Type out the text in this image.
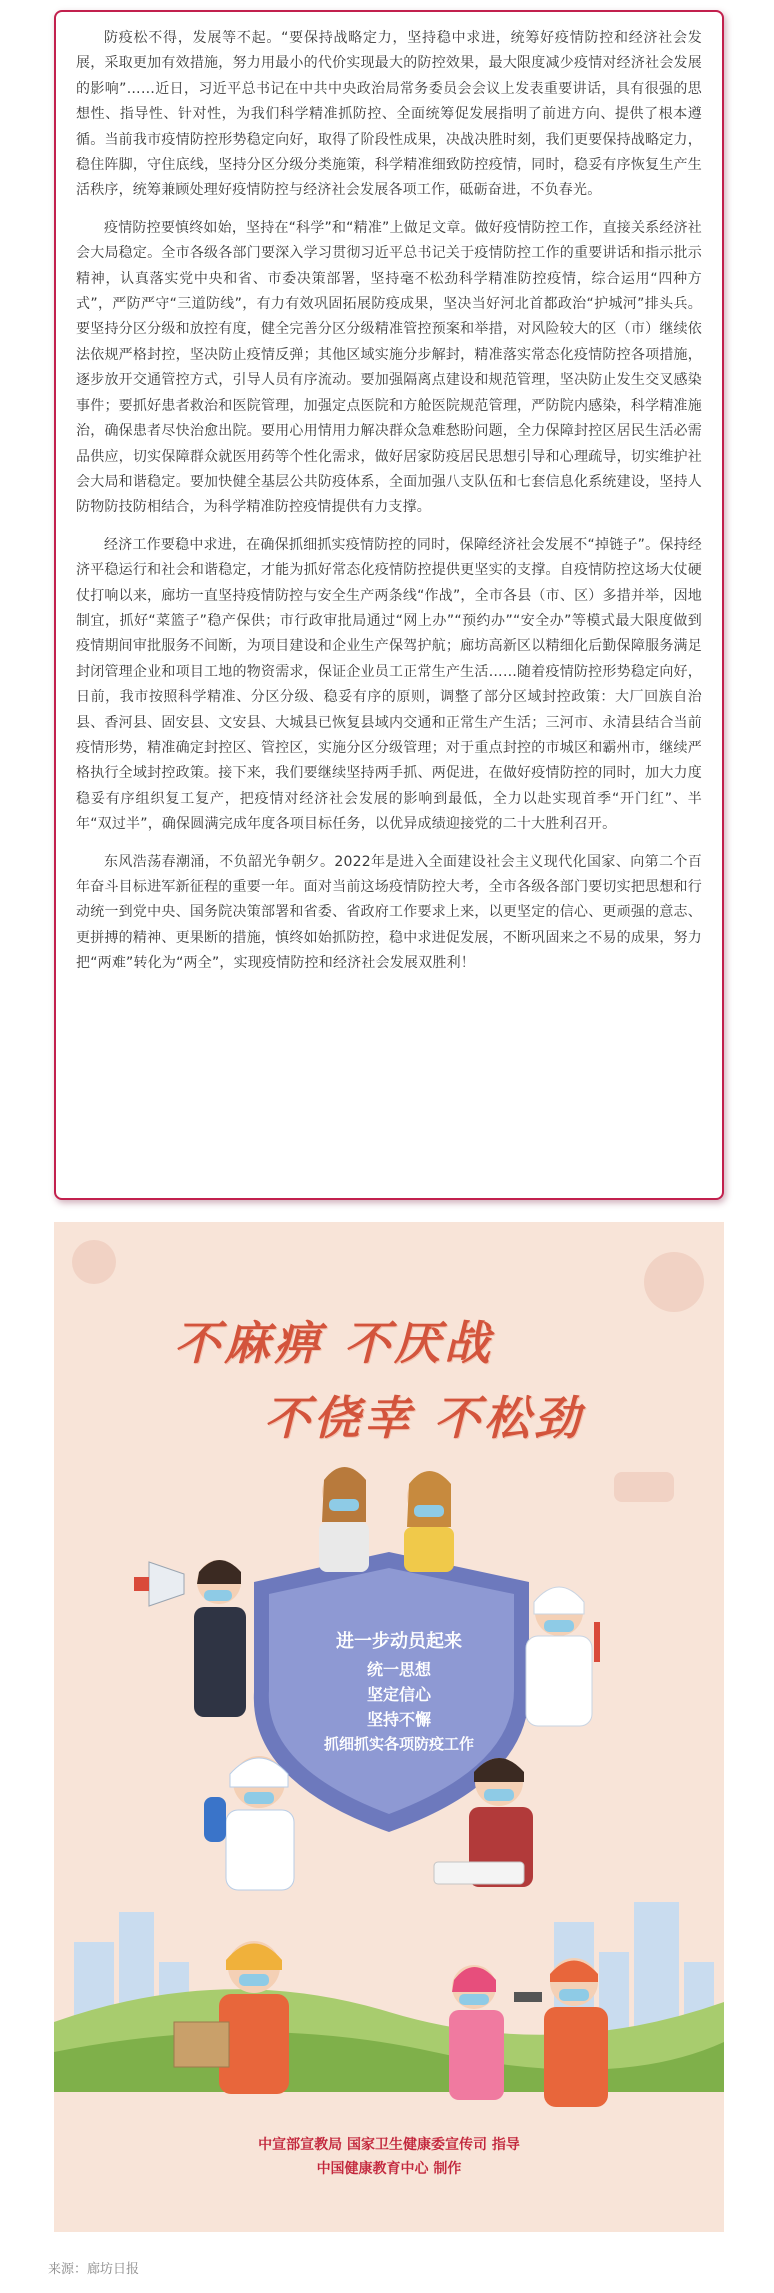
防疫松不得，发展等不起。“要保持战略定力，坚持稳中求进，统筹好疫情防控和经济社会发展，采取更加有效措施，努力用最小的代价实现最大的防控效果，最大限度减少疫情对经济社会发展的影响”……近日，习近平总书记在中共中央政治局常务委员会会议上发表重要讲话，具有很强的思想性、指导性、针对性，为我们科学精准抓防控、全面统筹促发展指明了前进方向、提供了根本遵循。当前我市疫情防控形势稳定向好，取得了阶段性成果，决战决胜时刻，我们更要保持战略定力，稳住阵脚，守住底线，坚持分区分级分类施策，科学精准细致防控疫情，同时，稳妥有序恢复生产生活秩序，统筹兼顾处理好疫情防控与经济社会发展各项工作，砥砺奋进，不负春光。

疫情防控要慎终如始，坚持在“科学”和“精准”上做足文章。做好疫情防控工作，直接关系经济社会大局稳定。全市各级各部门要深入学习贯彻习近平总书记关于疫情防控工作的重要讲话和指示批示精神，认真落实党中央和省、市委决策部署，坚持毫不松劲科学精准防控疫情，综合运用“四种方式”，严防严守“三道防线”，有力有效巩固拓展防疫成果，坚决当好河北首都政治“护城河”排头兵。要坚持分区分级和放控有度，健全完善分区分级精准管控预案和举措，对风险较大的区（市）继续依法依规严格封控，坚决防止疫情反弹；其他区域实施分步解封，精准落实常态化疫情防控各项措施，逐步放开交通管控方式，引导人员有序流动。要加强隔离点建设和规范管理，坚决防止发生交叉感染事件；要抓好患者救治和医院管理，加强定点医院和方舱医院规范管理，严防院内感染，科学精准施治，确保患者尽快治愈出院。要用心用情用力解决群众急难愁盼问题，全力保障封控区居民生活必需品供应，切实保障群众就医用药等个性化需求，做好居家防疫居民思想引导和心理疏导，切实维护社会大局和谐稳定。要加快健全基层公共防疫体系，全面加强八支队伍和七套信息化系统建设，坚持人防物防技防相结合，为科学精准防控疫情提供有力支撑。

经济工作要稳中求进，在确保抓细抓实疫情防控的同时，保障经济社会发展不“掉链子”。保持经济平稳运行和社会和谐稳定，才能为抓好常态化疫情防控提供更坚实的支撑。自疫情防控这场大仗硬仗打响以来，廊坊一直坚持疫情防控与安全生产两条线“作战”，全市各县（市、区）多措并举，因地制宜，抓好“菜篮子”稳产保供；市行政审批局通过“网上办”“预约办”“安全办”等模式最大限度做到疫情期间审批服务不间断，为项目建设和企业生产保驾护航；廊坊高新区以精细化后勤保障服务满足封闭管理企业和项目工地的物资需求，保证企业员工正常生产生活……随着疫情防控形势稳定向好，日前，我市按照科学精准、分区分级、稳妥有序的原则，调整了部分区域封控政策：大厂回族自治县、香河县、固安县、文安县、大城县已恢复县域内交通和正常生产生活；三河市、永清县结合当前疫情形势，精准确定封控区、管控区，实施分区分级管理；对于重点封控的市城区和霸州市，继续严格执行全域封控政策。接下来，我们要继续坚持两手抓、两促进，在做好疫情防控的同时，加大力度稳妥有序组织复工复产，把疫情对经济社会发展的影响到最低，全力以赴实现首季“开门红”、半年“双过半”，确保圆满完成年度各项目标任务，以优异成绩迎接党的二十大胜利召开。

东风浩荡春潮涌，不负韶光争朝夕。2022年是进入全面建设社会主义现代化国家、向第二个百年奋斗目标进军新征程的重要一年。面对当前这场疫情防控大考，全市各级各部门要切实把思想和行动统一到党中央、国务院决策部署和省委、省政府工作要求上来，以更坚定的信心、更顽强的意志、更拼搏的精神、更果断的措施，慎终如始抓防控，稳中求进促发展，不断巩固来之不易的成果，努力把“两难”转化为“两全”，实现疫情防控和经济社会发展双胜利！

不麻痹 不厌战
不侥幸 不松劲
进一步动员起来
统一思想
坚定信心
坚持不懈
抓细抓实各项防疫工作
中宣部宣教局 国家卫生健康委宣传司 指导
中国健康教育中心 制作
来源：廊坊日报
